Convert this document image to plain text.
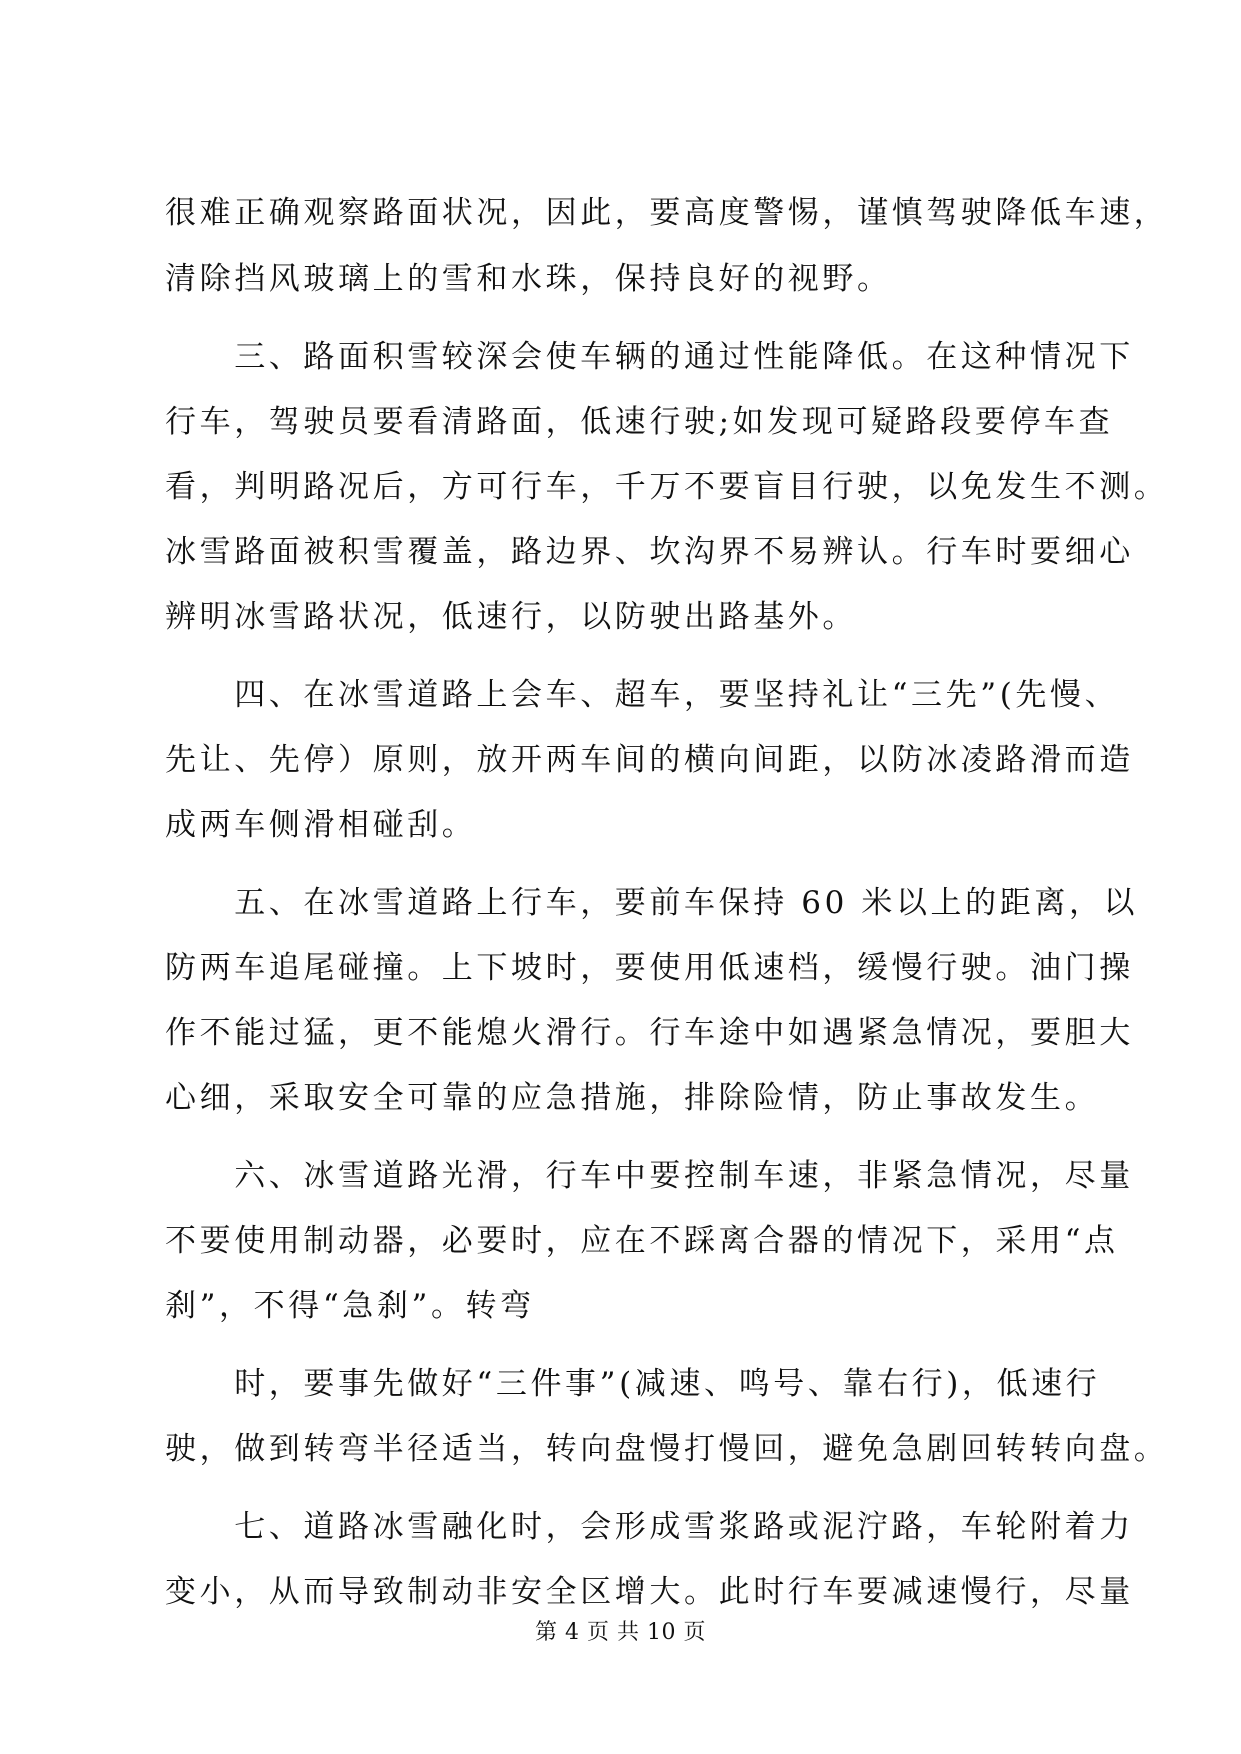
很难正确观察路面状况，因此，要高度警惕，谨慎驾驶降低车速，
清除挡风玻璃上的雪和水珠，保持良好的视野。
　　三、路面积雪较深会使车辆的通过性能降低。在这种情况下
行车，驾驶员要看清路面，低速行驶;如发现可疑路段要停车查
看，判明路况后，方可行车，千万不要盲目行驶，以免发生不测。
冰雪路面被积雪覆盖，路边界、坎沟界不易辨认。行车时要细心
辨明冰雪路状况，低速行，以防驶出路基外。
　　四、在冰雪道路上会车、超车，要坚持礼让“三先”(先慢、
先让、先停）原则，放开两车间的横向间距，以防冰凌路滑而造
成两车侧滑相碰刮。
　　五、在冰雪道路上行车，要前车保持 60 米以上的距离，以
防两车追尾碰撞。上下坡时，要使用低速档，缓慢行驶。油门操
作不能过猛，更不能熄火滑行。行车途中如遇紧急情况，要胆大
心细，采取安全可靠的应急措施，排除险情，防止事故发生。
　　六、冰雪道路光滑，行车中要控制车速，非紧急情况，尽量
不要使用制动器，必要时，应在不踩离合器的情况下，采用“点
刹”，不得“急刹”。转弯
　　时，要事先做好“三件事”(减速、鸣号、靠右行)，低速行
驶，做到转弯半径适当，转向盘慢打慢回，避免急剧回转转向盘。
　　七、道路冰雪融化时，会形成雪浆路或泥泞路，车轮附着力
变小，从而导致制动非安全区增大。此时行车要减速慢行，尽量
第 4 页 共 10 页
